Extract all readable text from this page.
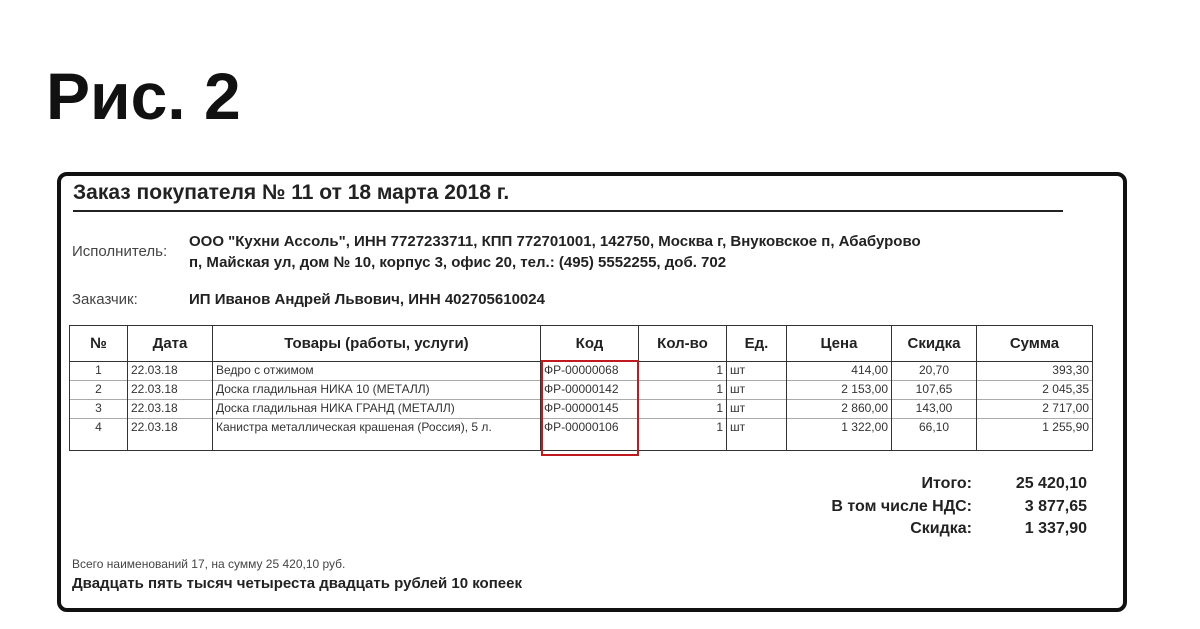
Рис. 2
Заказ покупателя № 11 от 18 марта 2018 г.
Исполнитель:
ООО "Кухни Ассоль", ИНН 7727233711, КПП 772701001, 142750, Москва г, Внуковское п, Абабурово
п, Майская ул, дом № 10, корпус 3, офис 20, тел.: (495) 5552255, доб. 702
Заказчик:	ИП Иванов Андрей Львович, ИНН 402705610024
№	Дата	Товары (работы, услуги)	Код	Кол-во	Ед.	Цена	Скидка	Сумма
1	22.03.18	Ведро с отжимом	ФР-00000068	1	шт	414,00	20,70	393,30
2	22.03.18	Доска гладильная НИКА 10 (МЕТАЛЛ)	ФР-00000142	1	шт	2 153,00	107,65	2 045,35
3	22.03.18	Доска гладильная НИКА ГРАНД (МЕТАЛЛ)	ФР-00000145	1	шт	2 860,00	143,00	2 717,00
4	22.03.18	Канистра металлическая крашеная (Россия), 5 л.	ФР-00000106	1	шт	1 322,00	66,10	1 255,90
Итого:	25 420,10
В том числе НДС:	3 877,65
Скидка:	1 337,90
Всего наименований 17, на сумму 25 420,10 руб.
Двадцать пять тысяч четыреста двадцать рублей 10 копеек
